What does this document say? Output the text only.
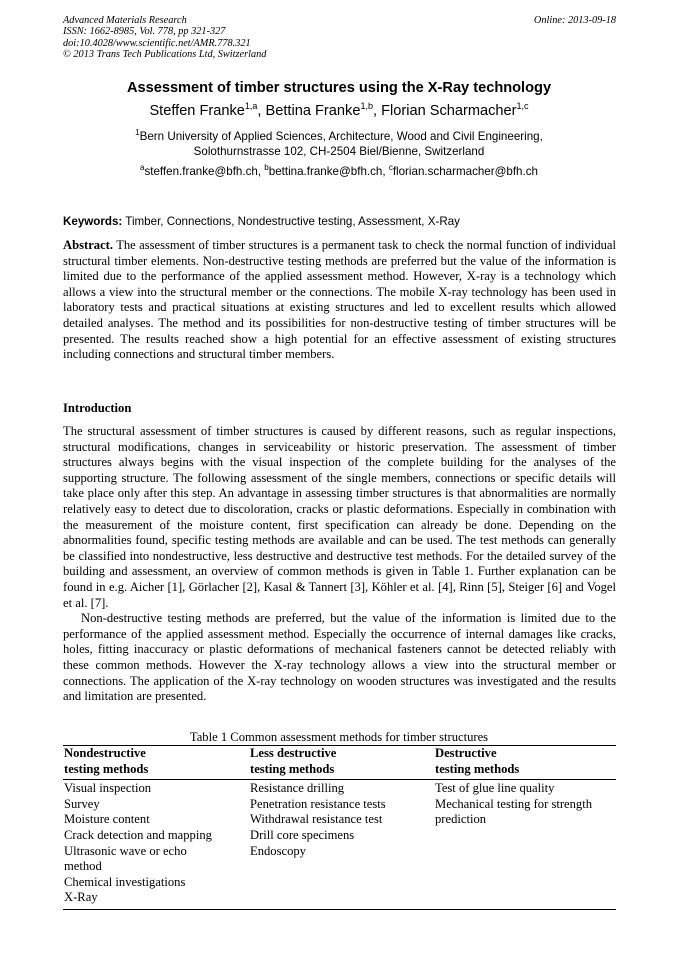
Advanced Materials Research
ISSN: 1662-8985, Vol. 778, pp 321-327
doi:10.4028/www.scientific.net/AMR.778.321
© 2013 Trans Tech Publications Ltd, Switzerland
Online: 2013-09-18
Assessment of timber structures using the X-Ray technology
Steffen Franke$^{1,a}$, Bettina Franke$^{1,b}$, Florian Scharmacher$^{1,c}$
$^1$Bern University of Applied Sciences, Architecture, Wood and Civil Engineering,
Solothurnstrasse 102, CH-2504 Biel/Bienne, Switzerland
$^a$steffen.franke@bfh.ch, $^b$bettina.franke@bfh.ch, $^c$florian.scharmacher@bfh.ch
Keywords: Timber, Connections, Nondestructive testing, Assessment, X-Ray
Abstract. The assessment of timber structures is a permanent task to check the normal function of individual structural timber elements. Non-destructive testing methods are preferred but the value of the information is limited due to the performance of the applied assessment method. However, X-ray is a technology which allows a view into the structural member or the connections. The mobile X-ray technology has been used in laboratory tests and practical situations at existing structures and led to excellent results which allowed detailed analyses. The method and its possibilities for non-destructive testing of timber structures will be presented. The results reached show a high potential for an effective assessment of existing structures including connections and structural timber members.
Introduction

The structural assessment of timber structures is caused by different reasons, such as regular inspections, structural modifications, changes in serviceability or historic preservation. The assessment of timber structures always begins with the visual inspection of the complete building for the analyses of the supporting structure. The following assessment of the single members, connections or specific details will take place only after this step. An advantage in assessing timber structures is that abnormalities are normally relatively easy to detect due to discoloration, cracks or plastic deformations. Especially in combination with the measurement of the moisture content, first specification can already be done. Depending on the abnormalities found, specific testing methods are available and can be used. The test methods can generally be classified into nondestructive, less destructive and destructive test methods. For the detailed survey of the building and assessment, an overview of common methods is given in Table 1. Further explanation can be found in e.g. Aicher [1], Görlacher [2], Kasal & Tannert [3], Köhler et al. [4], Rinn [5], Steiger [6] and Vogel et al. [7].

Non-destructive testing methods are preferred, but the value of the information is limited due to the performance of the applied assessment method. Especially the occurrence of internal damages like cracks, holes, fitting inaccuracy or plastic deformations of mechanical fasteners cannot be detected reliably with these common methods. However the X-ray technology allows a view into the structural member or connections. The application of the X-ray technology on wooden structures was investigated and the results and limitation are presented.

Table 1 Common assessment methods for timber structures
Nondestructive
testing methods
Visual inspection
Survey
Moisture content
Crack detection and mapping
Ultrasonic wave or echo
method
Chemical investigations
X-Ray
Less destructive
testing methods
Resistance drilling
Penetration resistance tests
Withdrawal resistance test
Drill core specimens
Endoscopy
Destructive
testing methods
Test of glue line quality
Mechanical testing for strength
prediction
